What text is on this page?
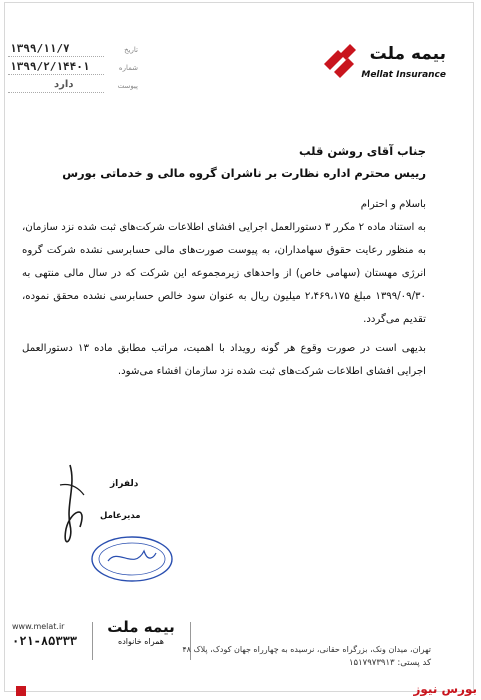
۱۳۹۹/۱۱/۷	تاریخ
۱۳۹۹/۲/۱۴۴۰۱	شماره
دارد	پیوست
بیمه ملت
Mellat Insurance

جناب آقای روشن قلب

رییس محترم اداره نظارت بر ناشران گروه مالی و خدماتی بورس

باسلام و احترام

به استناد ماده ۲ مکرر ۳ دستورالعمل اجرایی افشای اطلاعات شرکت‌های ثبت شده نزد سازمان، به منظور رعایت حقوق سهامداران، به پیوست صورت‌های مالی حسابرسی نشده شرکت گروه انرژی مهستان (سهامی خاص) از واحدهای زیرمجموعه این شرکت که در سال مالی منتهی به ۱۳۹۹/۰۹/۳۰ مبلغ ۲،۴۶۹،۱۷۵ میلیون ریال به عنوان سود خالص حسابرسی نشده محقق نموده، تقدیم می‌گردد.

بدیهی است در صورت وقوع هر گونه رویداد با اهمیت، مراتب مطابق ماده ۱۳ دستورالعمل اجرایی افشای اطلاعات شرکت‌های ثبت شده نزد سازمان افشاء می‌شود.

دلفراز
مدیرعامل
www.melat.ir
۰۲۱-۸۵۳۳۳
بیمه ملت
همراه خانواده
تهران، میدان ونک، بزرگراه حقانی، نرسیده به چهارراه جهان کودک، پلاک ۴۸
کد پستی: ۱۵۱۷۹۷۳۹۱۳
بورس نیوز
